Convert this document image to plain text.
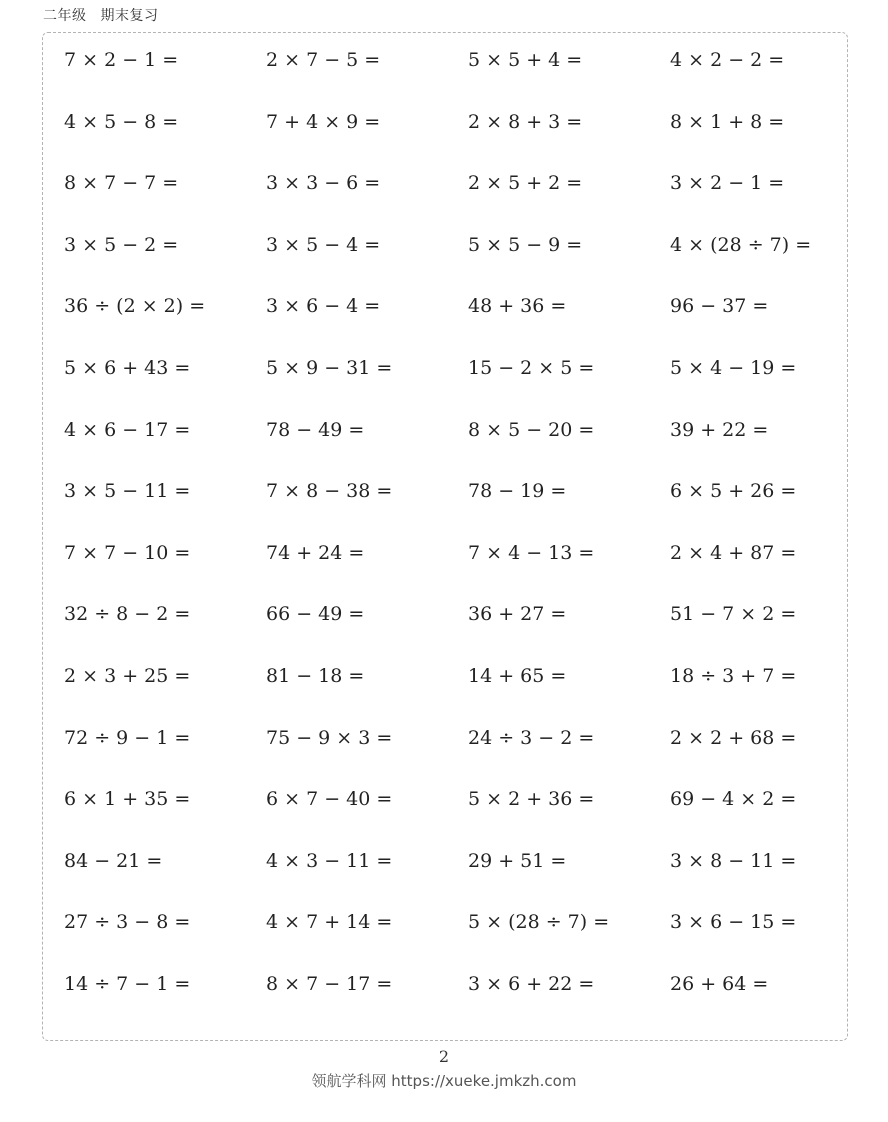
二年级 期末复习
7 × 2 − 1 =	2 × 7 − 5 =	5 × 5 + 4 =	4 × 2 − 2 =
4 × 5 − 8 =	7 + 4 × 9 =	2 × 8 + 3 =	8 × 1 + 8 =
8 × 7 − 7 =	3 × 3 − 6 =	2 × 5 + 2 =	3 × 2 − 1 =
3 × 5 − 2 =	3 × 5 − 4 =	5 × 5 − 9 =	4 × (28 ÷ 7) =
36 ÷ (2 × 2) =	3 × 6 − 4 =	48 + 36 =	96 − 37 =
5 × 6 + 43 =	5 × 9 − 31 =	15 − 2 × 5 =	5 × 4 − 19 =
4 × 6 − 17 =	78 − 49 =	8 × 5 − 20 =	39 + 22 =
3 × 5 − 11 =	7 × 8 − 38 =	78 − 19 =	6 × 5 + 26 =
7 × 7 − 10 =	74 + 24 =	7 × 4 − 13 =	2 × 4 + 87 =
32 ÷ 8 − 2 =	66 − 49 =	36 + 27 =	51 − 7 × 2 =
2 × 3 + 25 =	81 − 18 =	14 + 65 =	18 ÷ 3 + 7 =
72 ÷ 9 − 1 =	75 − 9 × 3 =	24 ÷ 3 − 2 =	2 × 2 + 68 =
6 × 1 + 35 =	6 × 7 − 40 =	5 × 2 + 36 =	69 − 4 × 2 =
84 − 21 =	4 × 3 − 11 =	29 + 51 =	3 × 8 − 11 =
27 ÷ 3 − 8 =	4 × 7 + 14 =	5 × (28 ÷ 7) =	3 × 6 − 15 =
14 ÷ 7 − 1 =	8 × 7 − 17 =	3 × 6 + 22 =	26 + 64 =
2
领航学科网 https://xueke.jmkzh.com
